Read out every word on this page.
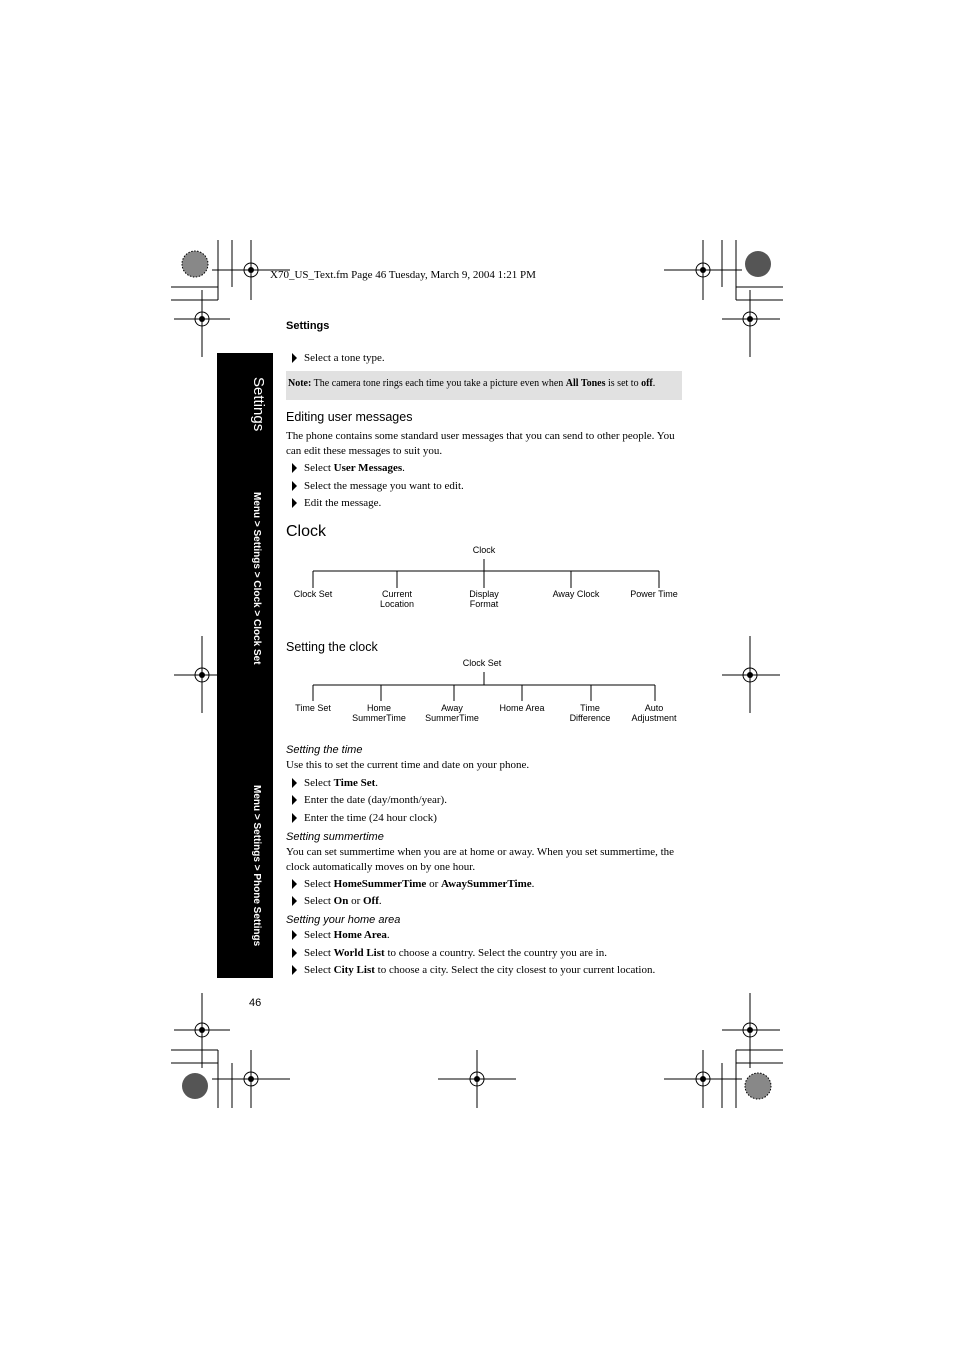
X70_US_Text.fm Page 46 Tuesday, March 9, 2004 1:21 PM
Settings
Settings
Menu > Settings > Clock > Clock Set
Menu > Settings > Phone Settings
Select a tone type.
Note: The camera tone rings each time you take a picture even when All Tones is set to off.
Editing user messages
The phone contains some standard user messages that you can send to other people. You
can edit these messages to suit you.
Select User Messages.
Select the message you want to edit.
Edit the message.
Clock
Clock
Clock Set	Current
Location
Display
Format
Away Clock	Power Time
Setting the clock
Clock Set
Time Set	Home
SummerTime
Away
SummerTime
Home Area	Time
Difference
Auto
Adjustment
Setting the time
Use this to set the current time and date on your phone.
Select Time Set.
Enter the date (day/month/year).
Enter the time (24 hour clock)
Setting summertime
You can set summertime when you are at home or away. When you set summertime, the
clock automatically moves on by one hour.
Select HomeSummerTime or AwaySummerTime.
Select On or Off.
Setting your home area
Select Home Area.
Select World List to choose a country. Select the country you are in.
Select City List to choose a city. Select the city closest to your current location.
46
